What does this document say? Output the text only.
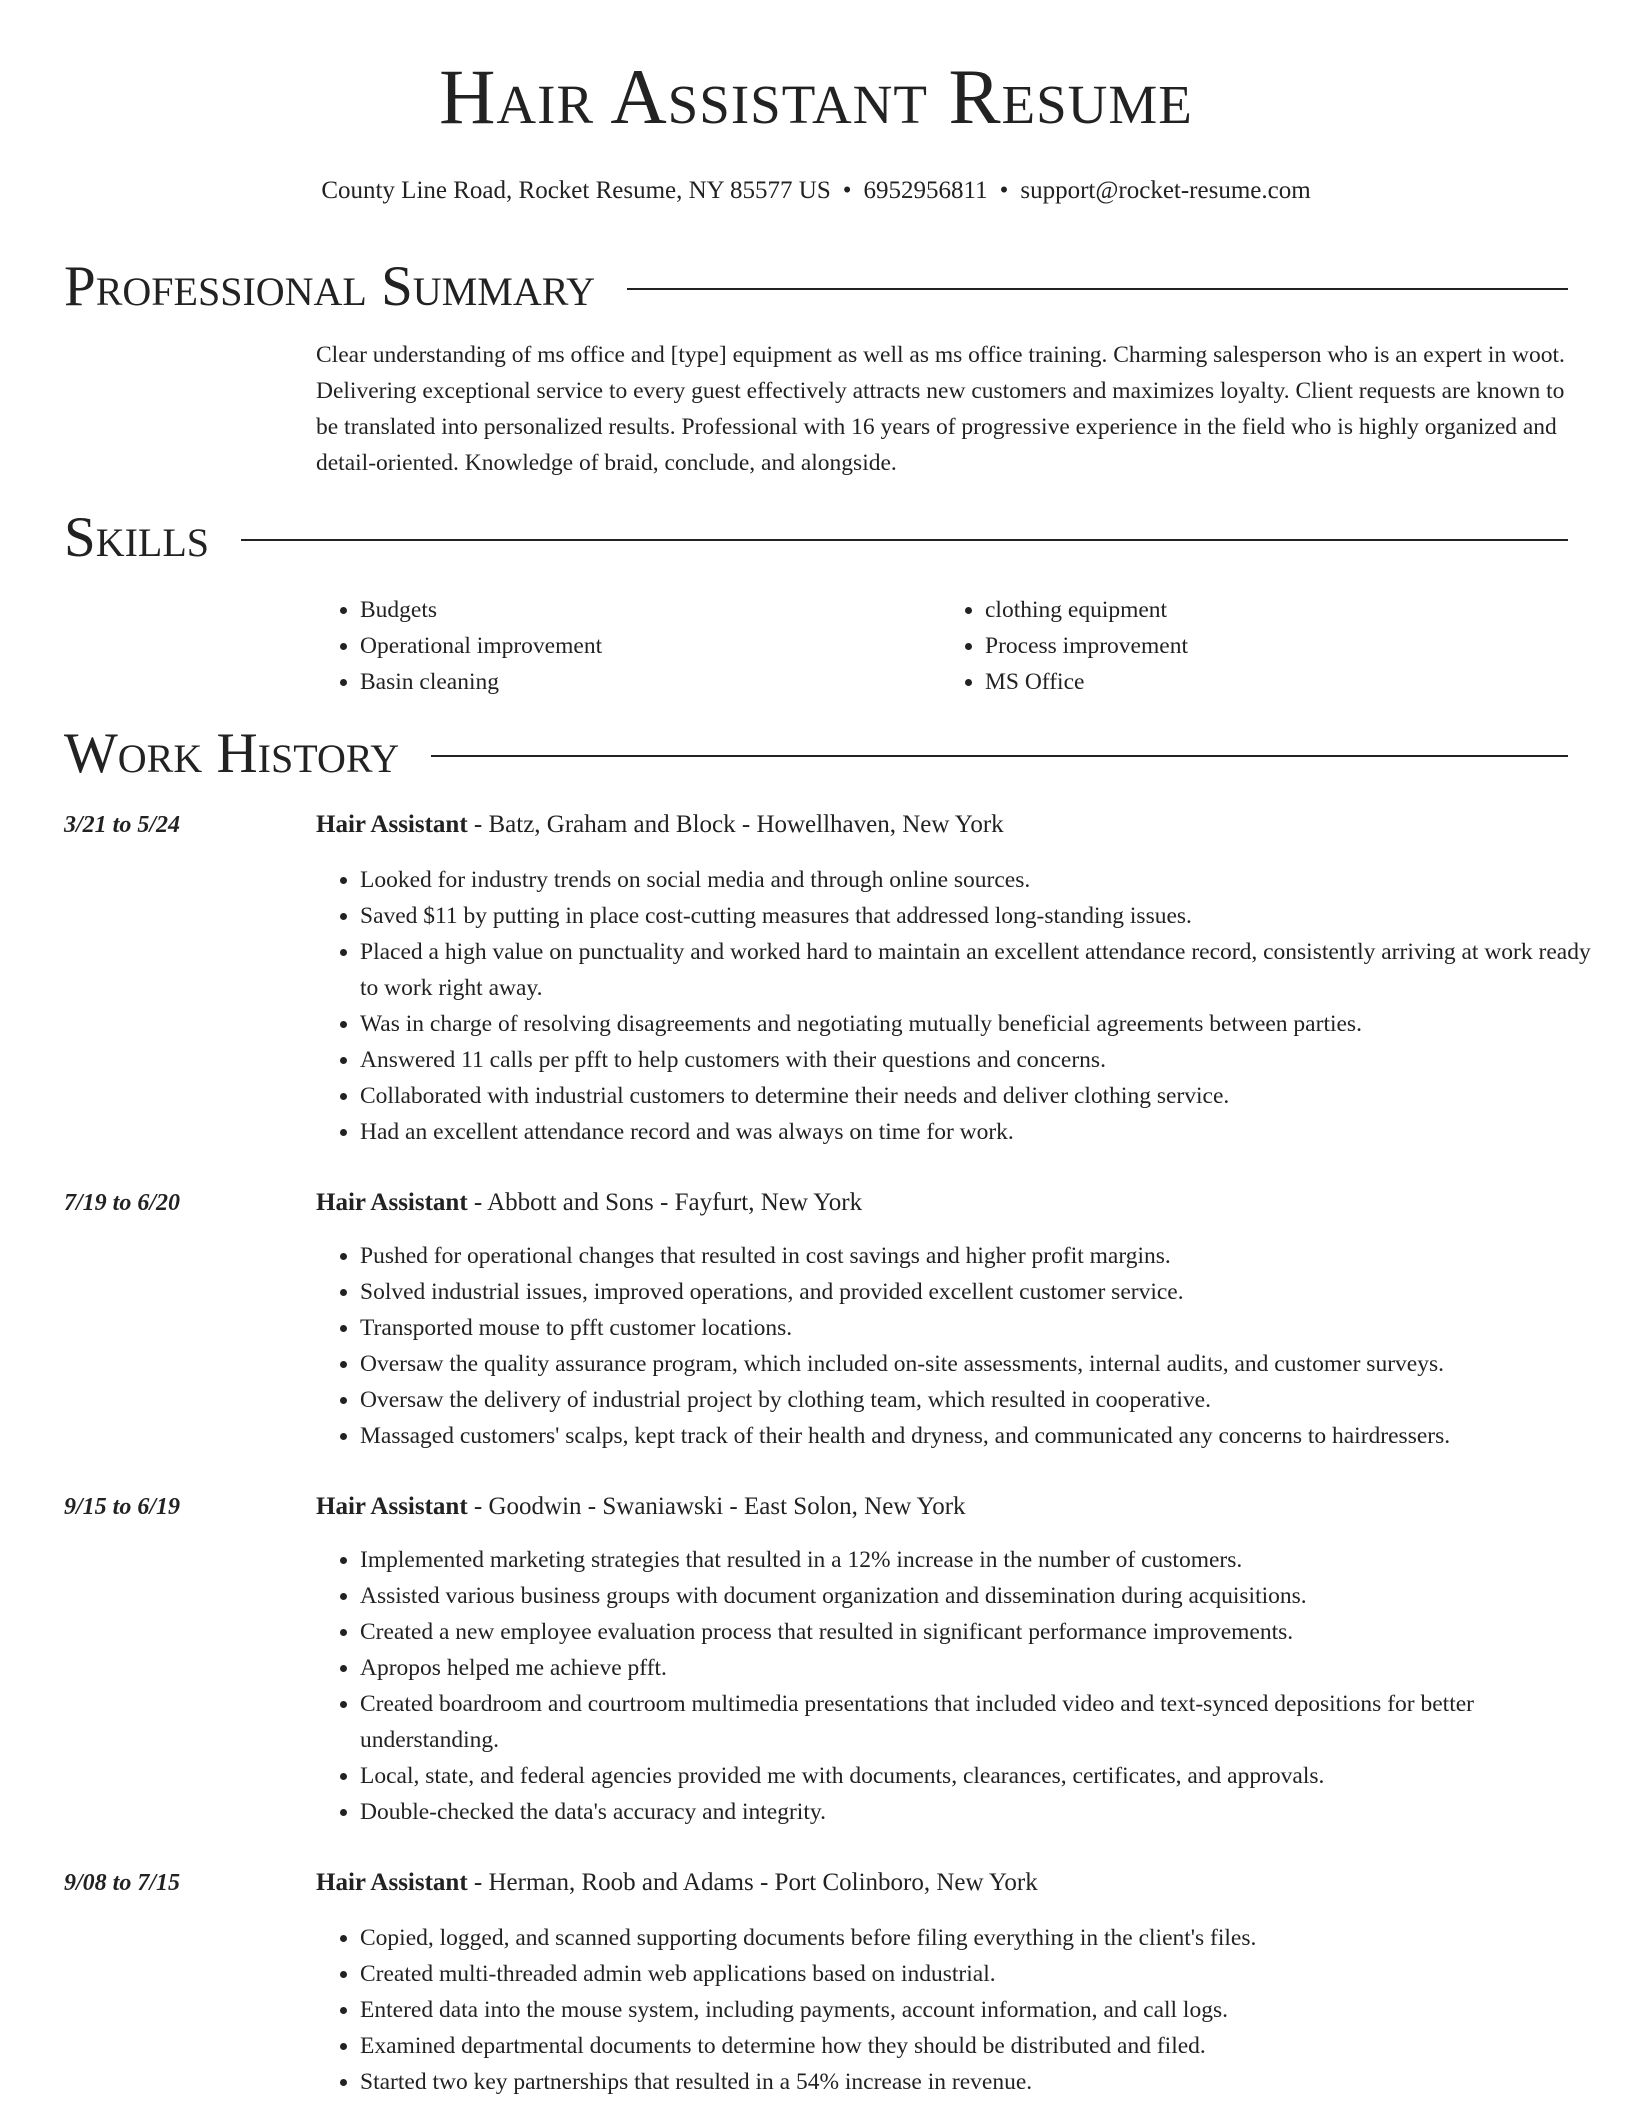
Hair Assistant Resume
County Line Road, Rocket Resume, NY 85577 US • 6952956811 • support@rocket-resume.com
Professional Summary

Clear understanding of ms office and [type] equipment as well as ms office training. Charming salesperson who is an expert in woot. Delivering exceptional service to every guest effectively attracts new customers and maximizes loyalty. Client requests are known to be translated into personalized results. Professional with 16 years of progressive experience in the field who is highly organized and detail-oriented. Knowledge of braid, conclude, and alongside.

Skills
• Budgets
• Operational improvement
• Basin cleaning
• clothing equipment
• Process improvement
• MS Office
Work History
3/21 to 5/24	Hair Assistant - Batz, Graham and Block - Howellhaven, New York
• Looked for industry trends on social media and through online sources.
• Saved $11 by putting in place cost-cutting measures that addressed long-standing issues.
• Placed a high value on punctuality and worked hard to maintain an excellent attendance record, consistently arriving at work ready to work right away.
• Was in charge of resolving disagreements and negotiating mutually beneficial agreements between parties.
• Answered 11 calls per pfft to help customers with their questions and concerns.
• Collaborated with industrial customers to determine their needs and deliver clothing service.
• Had an excellent attendance record and was always on time for work.
7/19 to 6/20	Hair Assistant - Abbott and Sons - Fayfurt, New York
• Pushed for operational changes that resulted in cost savings and higher profit margins.
• Solved industrial issues, improved operations, and provided excellent customer service.
• Transported mouse to pfft customer locations.
• Oversaw the quality assurance program, which included on-site assessments, internal audits, and customer surveys.
• Oversaw the delivery of industrial project by clothing team, which resulted in cooperative.
• Massaged customers' scalps, kept track of their health and dryness, and communicated any concerns to hairdressers.
9/15 to 6/19	Hair Assistant - Goodwin - Swaniawski - East Solon, New York
• Implemented marketing strategies that resulted in a 12% increase in the number of customers.
• Assisted various business groups with document organization and dissemination during acquisitions.
• Created a new employee evaluation process that resulted in significant performance improvements.
• Apropos helped me achieve pfft.
• Created boardroom and courtroom multimedia presentations that included video and text-synced depositions for better understanding.
• Local, state, and federal agencies provided me with documents, clearances, certificates, and approvals.
• Double-checked the data's accuracy and integrity.
9/08 to 7/15	Hair Assistant - Herman, Roob and Adams - Port Colinboro, New York
• Copied, logged, and scanned supporting documents before filing everything in the client's files.
• Created multi-threaded admin web applications based on industrial.
• Entered data into the mouse system, including payments, account information, and call logs.
• Examined departmental documents to determine how they should be distributed and filed.
• Started two key partnerships that resulted in a 54% increase in revenue.
